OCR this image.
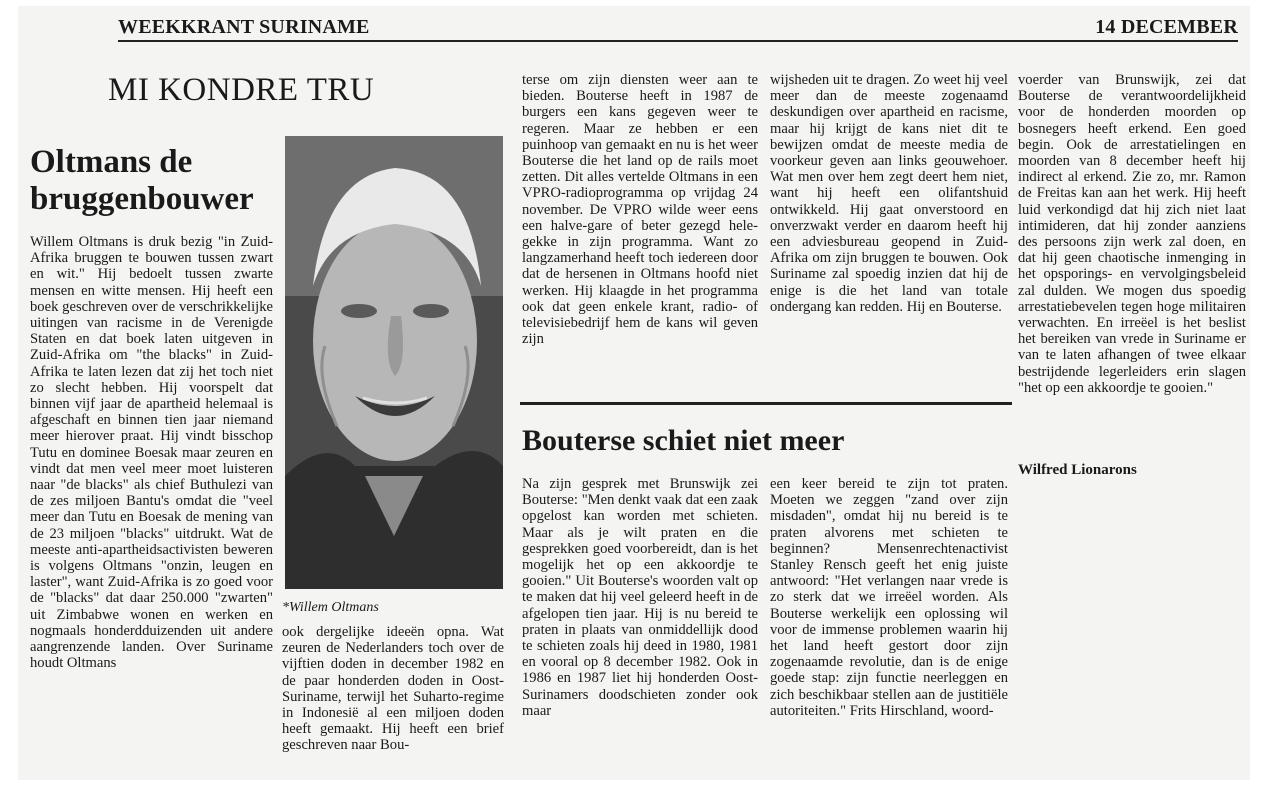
WEEKKRANT SURINAME	14 DECEMBER
MI KONDRE TRU
Oltmans de bruggenbouwer

Willem Oltmans is druk bezig "in Zuid-Afrika bruggen te bouwen tussen zwart en wit." Hij bedoelt tussen zwarte mensen en witte mensen. Hij heeft een boek geschreven over de verschrikkelijke uitingen van racisme in de Verenigde Staten en dat boek laten uitgeven in Zuid-Afrika om "the blacks" in Zuid-Afrika te laten lezen dat zij het toch niet zo slecht hebben. Hij voorspelt dat binnen vijf jaar de apartheid helemaal is afgeschaft en binnen tien jaar niemand meer hierover praat. Hij vindt bisschop Tutu en dominee Boesak maar zeuren en vindt dat men veel meer moet luisteren naar "de blacks" als chief Buthulezi van de zes miljoen Bantu's omdat die "veel meer dan Tutu en Boesak de mening van de 23 miljoen "blacks" uitdrukt. Wat de meeste anti-apartheidsactivisten beweren is volgens Oltmans "onzin, leugen en laster", want Zuid-Afrika is zo goed voor de "blacks" dat daar 250.000 "zwarten" uit Zimbabwe wonen en werken en nogmaals honderdduizenden uit andere aangrenzende landen. Over Suriname houdt Oltmans

*Willem Oltmans

ook dergelijke ideeën opna. Wat zeuren de Nederlanders toch over de vijftien doden in december 1982 en de paar honderden doden in Oost-Suriname, terwijl het Suharto-regime in Indonesië al een miljoen doden heeft gemaakt. Hij heeft een brief geschreven naar Bou-

terse om zijn diensten weer aan te bieden. Bouterse heeft in 1987 de burgers een kans gegeven weer te regeren. Maar ze hebben er een puinhoop van gemaakt en nu is het weer Bouterse die het land op de rails moet zetten. Dit alles vertelde Oltmans in een VPRO-radioprogramma op vrijdag 24 november. De VPRO wilde weer eens een halve-gare of beter gezegd hele-gekke in zijn programma. Want zo langzamerhand heeft toch iedereen door dat de hersenen in Oltmans hoofd niet werken. Hij klaagde in het programma ook dat geen enkele krant, radio- of televisiebedrijf hem de kans wil geven zijn

wijsheden uit te dragen. Zo weet hij veel meer dan de meeste zogenaamd deskundigen over apartheid en racisme, maar hij krijgt de kans niet dit te bewijzen omdat de meeste media de voorkeur geven aan links geouwehoer. Wat men over hem zegt deert hem niet, want hij heeft een olifantshuid ontwikkeld. Hij gaat onverstoord en onverzwakt verder en daarom heeft hij een adviesbureau geopend in Zuid-Afrika om zijn bruggen te bouwen. Ook Suriname zal spoedig inzien dat hij de enige is die het land van totale ondergang kan redden. Hij en Bouterse.

Bouterse schiet niet meer

Na zijn gesprek met Brunswijk zei Bouterse: "Men denkt vaak dat een zaak opgelost kan worden met schieten. Maar als je wilt praten en die gesprekken goed voorbereidt, dan is het mogelijk het op een akkoordje te gooien." Uit Bouterse's woorden valt op te maken dat hij veel geleerd heeft in de afgelopen tien jaar. Hij is nu bereid te praten in plaats van onmiddellijk dood te schieten zoals hij deed in 1980, 1981 en vooral op 8 december 1982. Ook in 1986 en 1987 liet hij honderden Oost-Surinamers doodschieten zonder ook maar

een keer bereid te zijn tot praten. Moeten we zeggen "zand over zijn misdaden", omdat hij nu bereid is te praten alvorens met schieten te beginnen? Mensenrechtenactivist Stanley Rensch geeft het enig juiste antwoord: "Het verlangen naar vrede is zo sterk dat we irreëel worden. Als Bouterse werkelijk een oplossing wil voor de immense problemen waarin hij het land heeft gestort door zijn zogenaamde revolutie, dan is de enige goede stap: zijn functie neerleggen en zich beschikbaar stellen aan de justitiële autoriteiten." Frits Hirschland, woord-

voerder van Brunswijk, zei dat Bouterse de verantwoordelijkheid voor de honderden moorden op bosnegers heeft erkend. Een goed begin. Ook de arrestatielingen en moorden van 8 december heeft hij indirect al erkend. Zie zo, mr. Ramon de Freitas kan aan het werk. Hij heeft luid verkondigd dat hij zich niet laat intimideren, dat hij zonder aanziens des persoons zijn werk zal doen, en dat hij geen chaotische inmenging in het opsporings- en vervolgingsbeleid zal dulden. We mogen dus spoedig arrestatiebevelen tegen hoge militairen verwachten. En irreëel is het beslist het bereiken van vrede in Suriname er van te laten afhangen of twee elkaar bestrijdende legerleiders erin slagen "het op een akkoordje te gooien."

Wilfred Lionarons
